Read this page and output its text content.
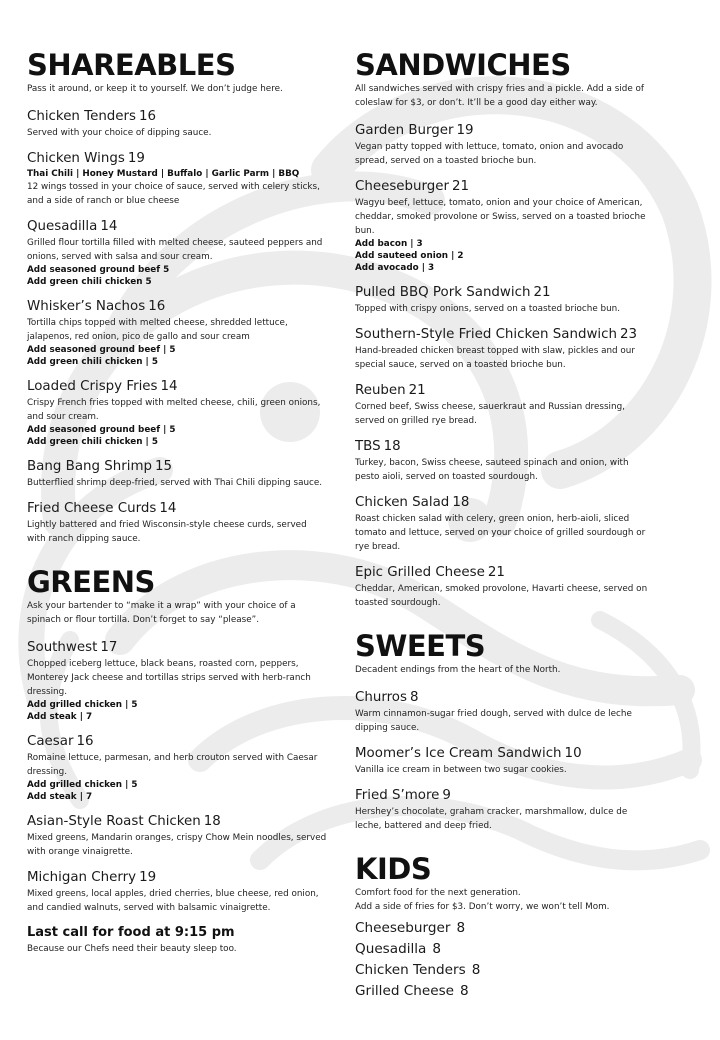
SHAREABLES

Pass it around, or keep it to yourself. We don’t judge here.

Chicken Tenders 16
Served with your choice of dipping sauce.
Chicken Wings 19
Thai Chili | Honey Mustard | Buffalo | Garlic Parm | BBQ
12 wings tossed in your choice of sauce, served with celery sticks, and a side of ranch or blue cheese
Quesadilla 14
Grilled flour tortilla filled with melted cheese, sauteed peppers and onions, served with salsa and sour cream.
Add seasoned ground beef 5
Add green chili chicken 5
Whisker’s Nachos 16
Tortilla chips topped with melted cheese, shredded lettuce, jalapenos, red onion, pico de gallo and sour cream
Add seasoned ground beef | 5
Add green chili chicken | 5
Loaded Crispy Fries 14
Crispy French fries topped with melted cheese, chili, green onions, and sour cream.
Add seasoned ground beef | 5
Add green chili chicken | 5
Bang Bang Shrimp 15
Butterflied shrimp deep-fried, served with Thai Chili dipping sauce.
Fried Cheese Curds 14
Lightly battered and fried Wisconsin-style cheese curds, served with ranch dipping sauce.
GREENS

Ask your bartender to “make it a wrap” with your choice of a spinach or flour tortilla. Don’t forget to say “please”.

Southwest 17
Chopped iceberg lettuce, black beans, roasted corn, peppers, Monterey Jack cheese and tortillas strips served with herb-ranch dressing.
Add grilled chicken | 5
Add steak | 7
Caesar 16
Romaine lettuce, parmesan, and herb crouton served with Caesar dressing.
Add grilled chicken | 5
Add steak | 7
Asian-Style Roast Chicken 18
Mixed greens, Mandarin oranges, crispy Chow Mein noodles, served with orange vinaigrette.
Michigan Cherry 19
Mixed greens, local apples, dried cherries, blue cheese, red onion, and candied walnuts, served with balsamic vinaigrette.
Last call for food at 9:15 pm
Because our Chefs need their beauty sleep too.
SANDWICHES

All sandwiches served with crispy fries and a pickle. Add a side of coleslaw for $3, or don’t. It’ll be a good day either way.

Garden Burger 19
Vegan patty topped with lettuce, tomato, onion and avocado spread, served on a toasted brioche bun.
Cheeseburger 21
Wagyu beef, lettuce, tomato, onion and your choice of American, cheddar, smoked provolone or Swiss, served on a toasted brioche bun.
Add bacon | 3
Add sauteed onion | 2
Add avocado | 3
Pulled BBQ Pork Sandwich 21
Topped with crispy onions, served on a toasted brioche bun.
Southern-Style Fried Chicken Sandwich 23
Hand-breaded chicken breast topped with slaw, pickles and our special sauce, served on a toasted brioche bun.
Reuben 21
Corned beef, Swiss cheese, sauerkraut and Russian dressing, served on grilled rye bread.
TBS 18
Turkey, bacon, Swiss cheese, sauteed spinach and onion, with pesto aioli, served on toasted sourdough.
Chicken Salad 18
Roast chicken salad with celery, green onion, herb-aioli, sliced tomato and lettuce, served on your choice of grilled sourdough or rye bread.
Epic Grilled Cheese 21
Cheddar, American, smoked provolone, Havarti cheese, served on toasted sourdough.
SWEETS

Decadent endings from the heart of the North.

Churros 8
Warm cinnamon-sugar fried dough, served with dulce de leche dipping sauce.
Moomer’s Ice Cream Sandwich 10
Vanilla ice cream in between two sugar cookies.
Fried S’more 9
Hershey’s chocolate, graham cracker, marshmallow, dulce de leche, battered and deep fried.
KIDS
Comfort food for the next generation.
Add a side of fries for $3. Don’t worry, we won’t tell Mom.
Cheeseburger 8
Quesadilla 8
Chicken Tenders 8
Grilled Cheese 8
